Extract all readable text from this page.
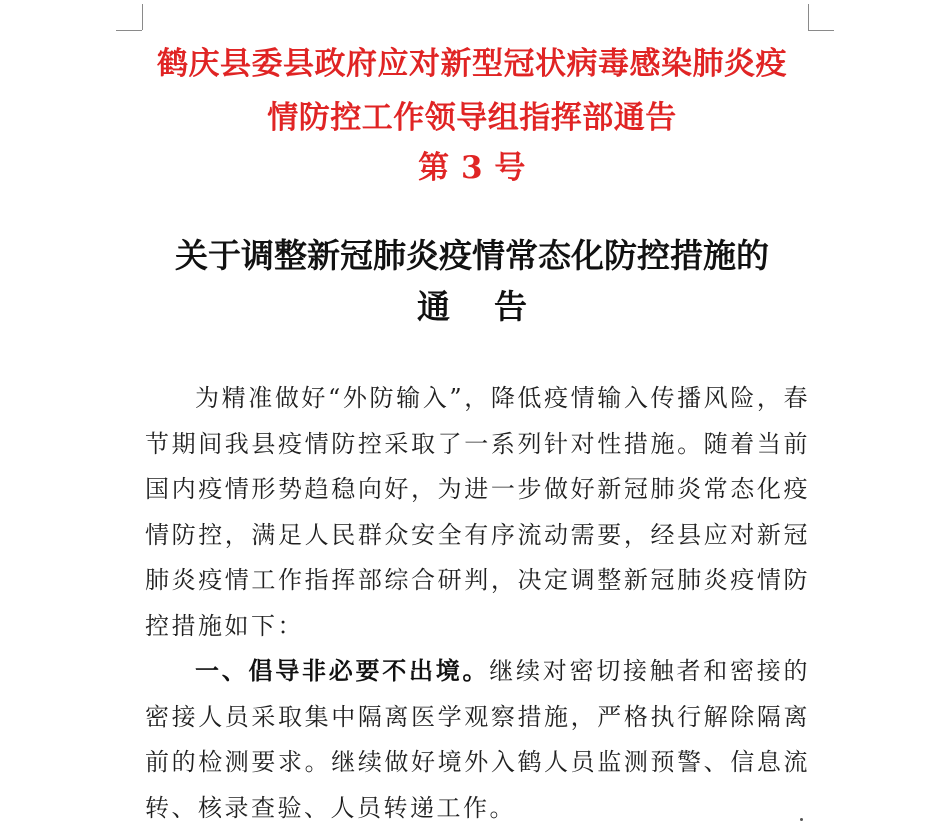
鹤庆县委县政府应对新型冠状病毒感染肺炎疫
情防控工作领导组指挥部通告
第 3 号
关于调整新冠肺炎疫情常态化防控措施的
通告

为精准做好“外防输入”，降低疫情输入传播风险，春节期间我县疫情防控采取了一系列针对性措施。随着当前国内疫情形势趋稳向好，为进一步做好新冠肺炎常态化疫情防控，满足人民群众安全有序流动需要，经县应对新冠肺炎疫情工作指挥部综合研判，决定调整新冠肺炎疫情防控措施如下：

一、倡导非必要不出境。继续对密切接触者和密接的密接人员采取集中隔离医学观察措施，严格执行解除隔离前的检测要求。继续做好境外入鹤人员监测预警、信息流转、核录查验、人员转递工作。
